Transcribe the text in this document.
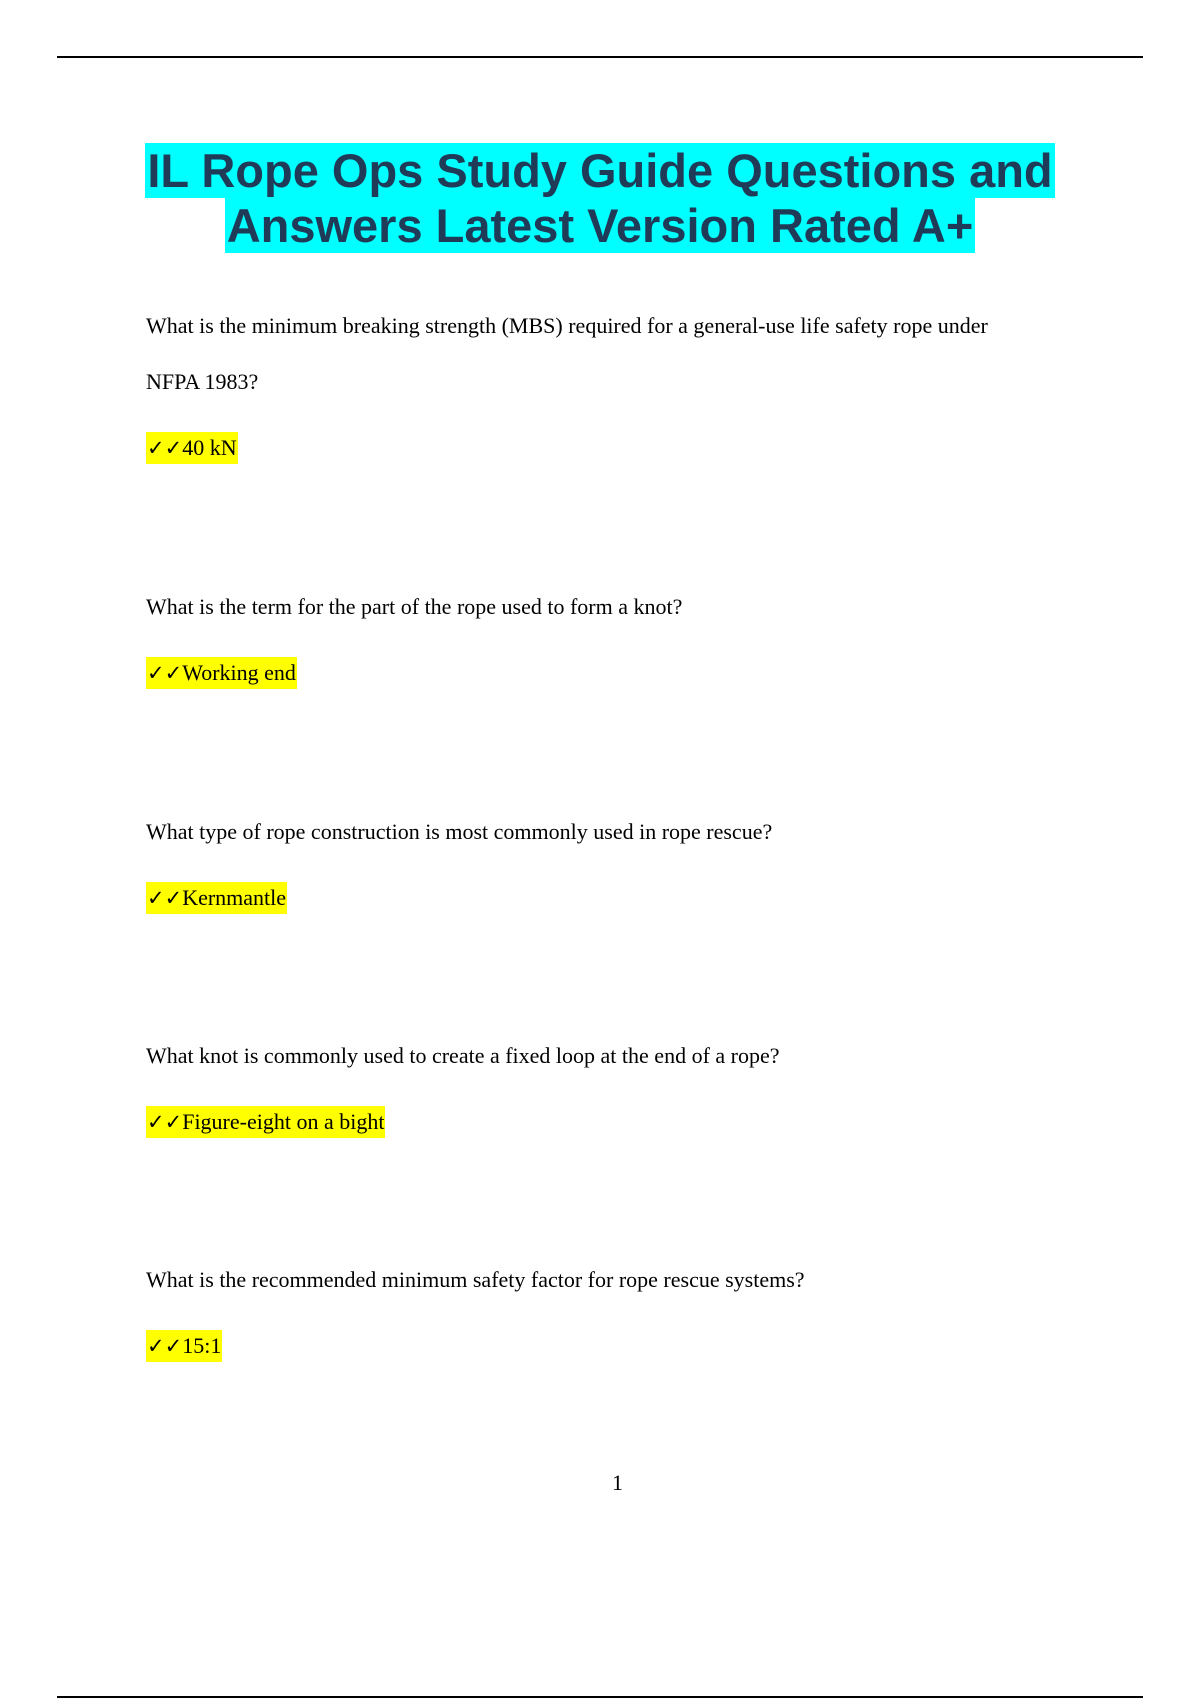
IL Rope Ops Study Guide Questions and
Answers Latest Version Rated A+

What is the minimum breaking strength (MBS) required for a general-use life safety rope under
NFPA 1983?

✓✓40 kN

What is the term for the part of the rope used to form a knot?

✓✓Working end

What type of rope construction is most commonly used in rope rescue?

✓✓Kernmantle

What knot is commonly used to create a fixed loop at the end of a rope?

✓✓Figure-eight on a bight

What is the recommended minimum safety factor for rope rescue systems?

✓✓15:1
1
